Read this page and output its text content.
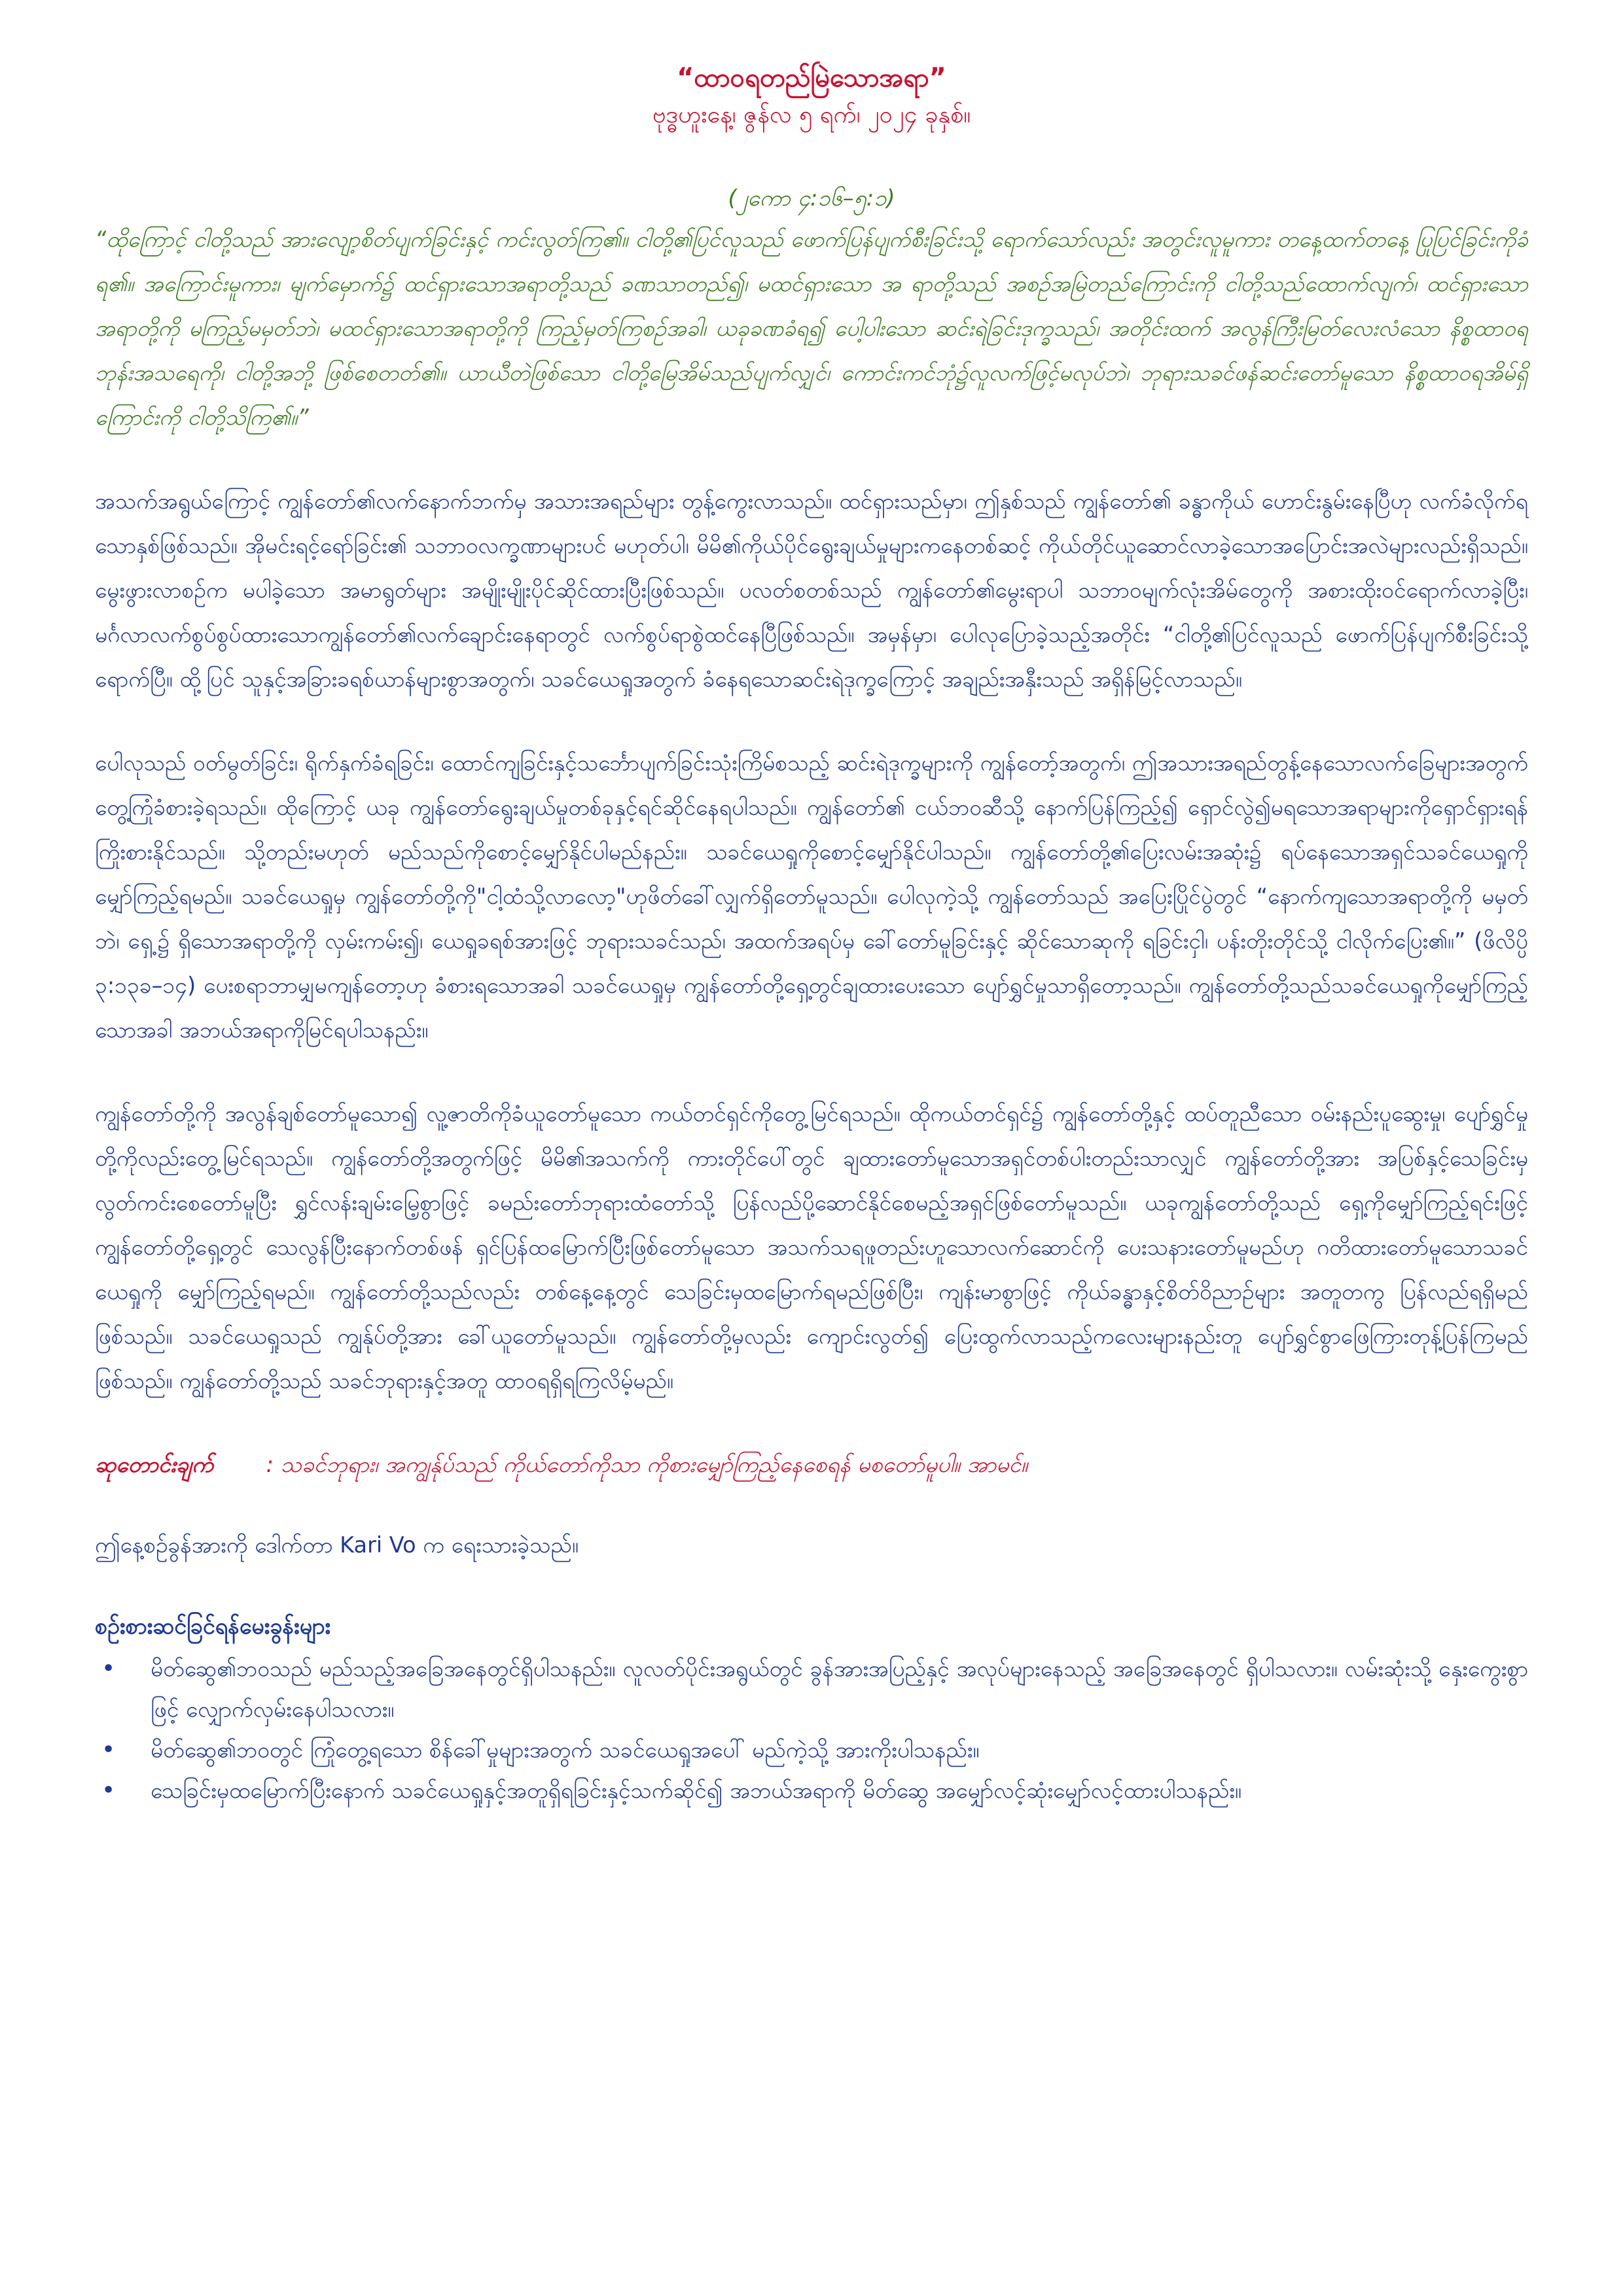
“ထာဝရတည်မြဲသောအရာ”

ဗုဒ္ဓဟူးနေ့၊ ဇွန်လ ၅ ရက်၊ ၂၀၂၄ ခုနှစ်။

(၂ကော ၄:၁၆–၅:၁)

“ထိုကြောင့် ငါတို့သည် အားလျော့စိတ်ပျက်ခြင်းနှင့် ကင်းလွတ်ကြ၏။ ငါတို့၏ပြင်လူသည် ဖောက်ပြန်ပျက်စီးခြင်းသို့ ရောက်သော်လည်း အတွင်းလူမူကား တနေ့ထက်တနေ့ ပြုပြင်ခြင်းကိုခံရ၏။ အကြောင်းမူကား၊ မျက်မှောက်၌ ထင်ရှားသောအရာတို့သည် ခဏသာတည်၍၊ မထင်ရှားသော အ ရာတို့သည် အစဉ်အမြဲတည်ကြောင်းကို ငါတို့သည်ထောက်လျက်၊ ထင်ရှားသောအရာတို့ကို မကြည့်မမှတ်ဘဲ၊ မထင်ရှားသောအရာတို့ကို ကြည့်မှတ်ကြစဉ်အခါ၊ ယခုခဏခံရ၍ ပေါ့ပါးသော ဆင်းရဲခြင်းဒုက္ခသည်၊ အတိုင်းထက် အလွန်ကြီးမြတ်လေးလံသော နိစ္စထာဝရဘုန်းအသရေကို၊ ငါတို့အဘို့ ဖြစ်စေတတ်၏။ ယာယီတဲဖြစ်သော ငါတို့မြေအိမ်သည်ပျက်လျှင်၊ ကောင်းကင်ဘုံ၌လူလက်ဖြင့်မလုပ်ဘဲ၊ ဘုရားသခင်ဖန်ဆင်းတော်မူသော နိစ္စထာဝရအိမ်ရှိကြောင်းကို ငါတို့သိကြ၏။”

အသက်အရွယ်ကြောင့် ကျွန်တော်၏လက်နောက်ဘက်မှ အသားအရည်များ တွန့်ကွေးလာသည်။ ထင်ရှားသည်မှာ၊ ဤနှစ်သည် ကျွန်တော်၏ ခန္ဓာကိုယ် ဟောင်းနွမ်းနေပြီဟု လက်ခံလိုက်ရသောနှစ်ဖြစ်သည်။ အိုမင်းရင့်ရော်ခြင်း၏ သဘာဝလက္ခဏာများပင် မဟုတ်ပါ၊ မိမိ၏ကိုယ်ပိုင်ရွေးချယ်မှုများကနေတစ်ဆင့် ကိုယ်တိုင်ယူဆောင်လာခဲ့သောအပြောင်းအလဲများလည်းရှိသည်။ မွေးဖွားလာစဉ်က မပါခဲ့သော အမာရွတ်များ အမျိုးမျိုးပိုင်ဆိုင်ထားပြီးဖြစ်သည်။ ပလတ်စတစ်သည် ကျွန်တော်၏မွေးရာပါ သဘာဝမျက်လုံးအိမ်တွေကို အစားထိုးဝင်ရောက်လာခဲ့ပြီး၊ မင်္ဂလာလက်စွပ်စွပ်ထားသောကျွန်တော်၏လက်ချောင်းနေရာတွင် လက်စွပ်ရာစွဲထင်နေပြီဖြစ်သည်။ အမှန်မှာ၊ ပေါလုပြောခဲ့သည့်အတိုင်း “ငါတို့၏ပြင်လူသည် ဖောက်ပြန်ပျက်စီးခြင်းသို့ ရောက်ပြီ။ ထို့ပြင် သူနှင့်အခြားခရစ်ယာန်များစွာအတွက်၊ သခင်ယေရှုအတွက် ခံနေရသောဆင်းရဲဒုက္ခကြောင့် အချည်းအနှီးသည် အရှိန်မြင့်လာသည်။

ပေါလုသည် ဝတ်မွတ်ခြင်း၊ ရိုက်နှက်ခံရခြင်း၊ ထောင်ကျခြင်းနှင့်သင်္ဘောပျက်ခြင်းသုံးကြိမ်စသည့် ဆင်းရဲဒုက္ခများကို ကျွန်တော့်အတွက်၊ ဤအသားအရည်တွန့်နေသောလက်ခြေများအတွက် တွေ့ကြုံခံစားခဲ့ရသည်။ ထိုကြောင့် ယခု ကျွန်တော်ရွေးချယ်မှုတစ်ခုနှင့်ရင်ဆိုင်နေရပါသည်။ ကျွန်တော်၏ ငယ်ဘဝဆီသို့ နောက်ပြန်ကြည့်၍ ရှောင်လွဲ၍မရသောအရာများကိုရှောင်ရှားရန် ကြိုးစားနိုင်သည်။ သို့တည်းမဟုတ် မည်သည်ကိုစောင့်မျှော်နိုင်ပါမည်နည်း။ သခင်ယေရှုကိုစောင့်မျှော်နိုင်ပါသည်။ ကျွန်တော်တို့၏ပြေးလမ်းအဆုံး၌ ရပ်နေသောအရှင်သခင်ယေရှုကိုမျှော်ကြည့်ရမည်။ သခင်ယေရှုမှ ကျွန်တော်တို့ကို"ငါ့ထံသို့လာလော့"ဟုဖိတ်ခေါ်လျှက်ရှိတော်မူသည်။ ပေါလုကဲ့သို့ ကျွန်တော်သည် အပြေးပြိုင်ပွဲတွင် “နောက်ကျသောအရာတို့ကို မမှတ်ဘဲ၊ ရှေ့၌ ရှိသောအရာတို့ကို လှမ်းကမ်း၍၊ ယေရှုခရစ်အားဖြင့် ဘုရားသခင်သည်၊ အထက်အရပ်မှ ခေါ်တော်မူခြင်းနှင့် ဆိုင်သောဆုကို ရခြင်းငှါ၊ ပန်းတိုးတိုင်သို့ ငါလိုက်ပြေး၏။” (ဖိလိပ္ပိ ၃:၁၃ခ–၁၄) ပေးစရာဘာမျှမကျန်တော့ဟု ခံစားရသောအခါ သခင်ယေရှုမှ ကျွန်တော်တို့ရှေ့တွင်ချထားပေးသော ပျော်ရွှင်မှုသာရှိတော့သည်။ ကျွန်တော်တို့သည်သခင်ယေရှုကိုမျှော်ကြည့်သောအခါ အဘယ်အရာကိုမြင်ရပါသနည်း။

ကျွန်တော်တို့ကို အလွန်ချစ်တော်မူသော၍ လူ့ဇာတိကိုခံယူတော်မူသော ကယ်တင်ရှင်ကိုတွေ့မြင်ရသည်။ ထိုကယ်တင်ရှင်၌ ကျွန်တော်တို့နှင့် ထပ်တူညီသော ဝမ်းနည်းပူဆွေးမှု၊ ပျော်ရွှင်မှုတို့ကိုလည်းတွေ့မြင်ရသည်။ ကျွန်တော်တို့အတွက်ဖြင့် မိမိ၏အသက်ကို ကားတိုင်ပေါ်တွင် ချထားတော်မူသောအရှင်တစ်ပါးတည်းသာလျှင် ကျွန်တော်တို့အား အပြစ်နှင့်သေခြင်းမှလွတ်ကင်းစေတော်မူပြီး ရွှင်လန်းချမ်းမြေ့စွာဖြင့် ခမည်းတော်ဘုရားထံတော်သို့ ပြန်လည်ပို့ဆောင်နိုင်စေမည့်အရှင်ဖြစ်တော်မူသည်။ ယခုကျွန်တော်တို့သည် ရှေ့ကိုမျှော်ကြည့်ရင်းဖြင့် ကျွန်တော်တို့ရှေ့တွင် သေလွန်ပြီးနောက်တစ်ဖန် ရှင်ပြန်ထမြောက်ပြီးဖြစ်တော်မူသော အသက်သရဖူတည်းဟူသောလက်ဆောင်ကို ပေးသနားတော်မူမည်ဟု ဂတိထားတော်မူသောသခင်ယေရှုကို မျှော်ကြည့်ရမည်။ ကျွန်တော်တို့သည်လည်း တစ်နေ့နေ့တွင် သေခြင်းမှထမြောက်ရမည်ဖြစ်ပြီး၊ ကျန်းမာစွာဖြင့် ကိုယ်ခန္ဓာနှင့်စိတ်ဝိညာဉ်များ အတူတကွ ပြန်လည်ရရှိမည်ဖြစ်သည်။ သခင်ယေရှုသည် ကျွန်ုပ်တို့အား ခေါ်ယူတော်မူသည်။ ကျွန်တော်တို့မှလည်း ကျောင်းလွတ်၍ ပြေးထွက်လာသည့်ကလေးများနည်းတူ ပျော်ရွှင်စွာဖြေကြားတုန့်ပြန်ကြမည်ဖြစ်သည်။ ကျွန်တော်တို့သည် သခင်ဘုရားနှင့်အတူ ထာဝရရှိရကြလိမ့်မည်။

ဆုတောင်းချက် : သခင်ဘုရား၊ အကျွန်ုပ်သည် ကိုယ်တော်ကိုသာ ကိုစားမျှော်ကြည့်နေစေရန် မစတော်မူပါ။ အာမင်။

ဤနေ့စဉ်ခွန်အားကို ဒေါက်တာ Kari Vo က ရေးသားခဲ့သည်။

စဉ်းစားဆင်ခြင်ရန်မေးခွန်းများ

• မိတ်ဆွေ၏ဘဝသည် မည်သည့်အခြေအနေတွင်ရှိပါသနည်း။ လူလတ်ပိုင်းအရွယ်တွင် ခွန်အားအပြည့်နှင့် အလုပ်များနေသည့် အခြေအနေတွင် ရှိပါသလား။ လမ်းဆုံးသို့ နှေးကွေးစွာဖြင့် လျှောက်လှမ်းနေပါသလား။
• မိတ်ဆွေ၏ဘဝတွင် ကြုံတွေ့ရသော စိန်ခေါ်မှုများအတွက် သခင်ယေရှုအပေါ် မည်ကဲ့သို့ အားကိုးပါသနည်း။
• သေခြင်းမှထမြောက်ပြီးနောက် သခင်ယေရှုနှင့်အတူရှိရခြင်းနှင့်သက်ဆိုင်၍ အဘယ်အရာကို မိတ်ဆွေ အမျှော်လင့်ဆုံးမျှော်လင့်ထားပါသနည်း။
